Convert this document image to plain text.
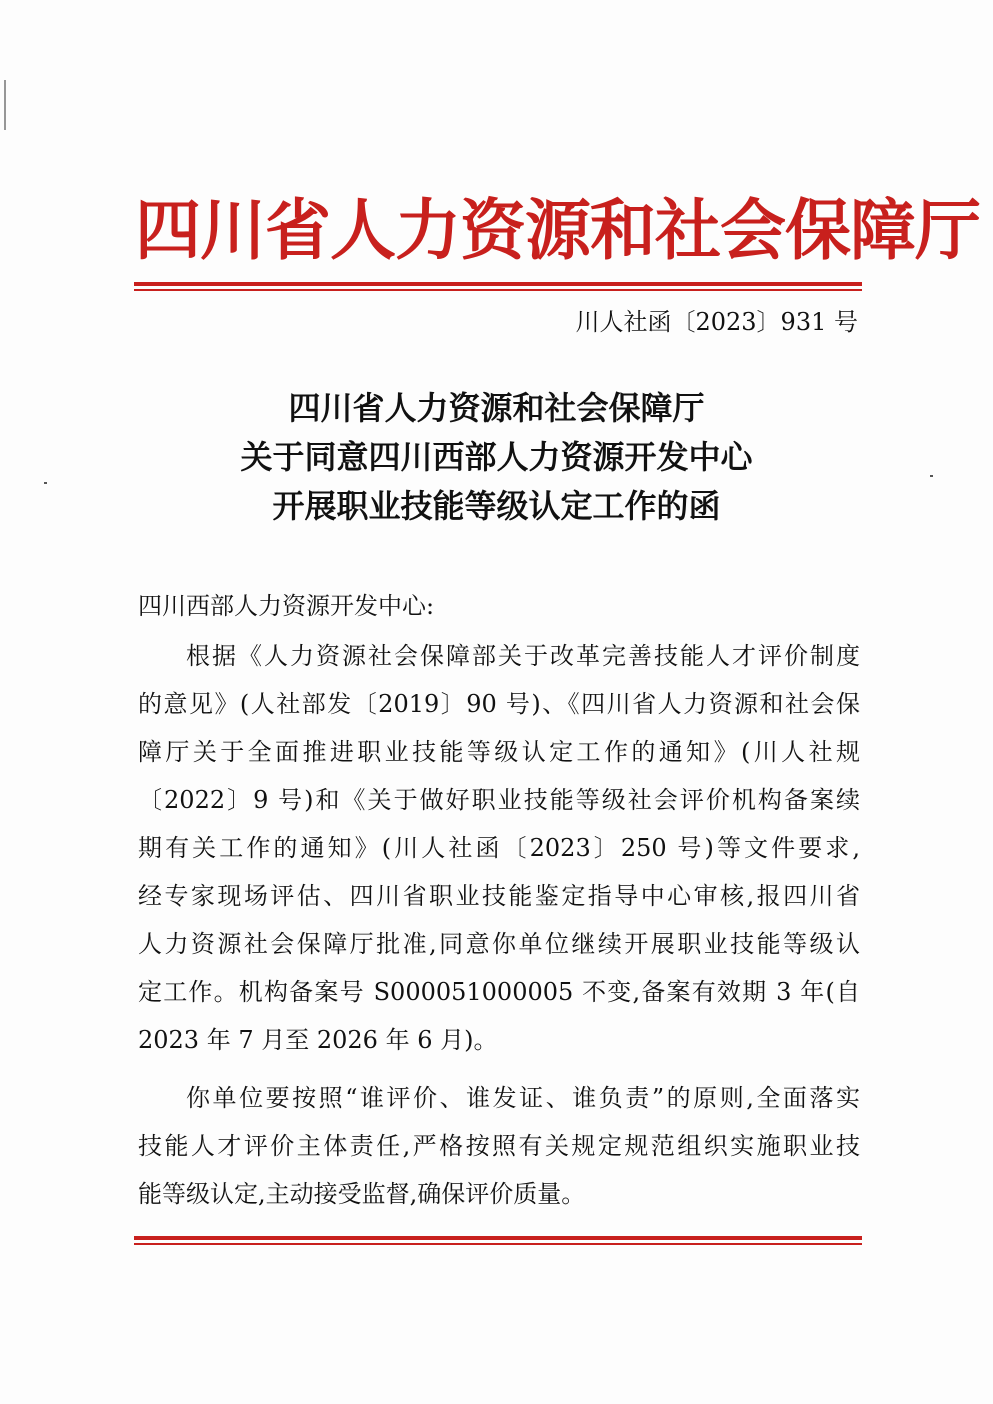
四川省人力资源和社会保障厅
川人社函〔2023〕931 号
四川省人力资源和社会保障厅
关于同意四川西部人力资源开发中心
开展职业技能等级认定工作的函
四川西部人力资源开发中心:
根据《人力资源社会保障部关于改革完善技能人才评价制度
的意见》(人社部发〔2019〕90 号)、《四川省人力资源和社会保
障厅关于全面推进职业技能等级认定工作的通知》(川人社规
〔2022〕9 号)和《关于做好职业技能等级社会评价机构备案续
期有关工作的通知》(川人社函〔2023〕250 号)等文件要求,
经专家现场评估、四川省职业技能鉴定指导中心审核,报四川省
人力资源社会保障厅批准,同意你单位继续开展职业技能等级认
定工作。机构备案号 S000051000005 不变,备案有效期 3 年(自
2023 年 7 月至 2026 年 6 月)。
你单位要按照“谁评价、谁发证、谁负责”的原则,全面落实
技能人才评价主体责任,严格按照有关规定规范组织实施职业技
能等级认定,主动接受监督,确保评价质量。
